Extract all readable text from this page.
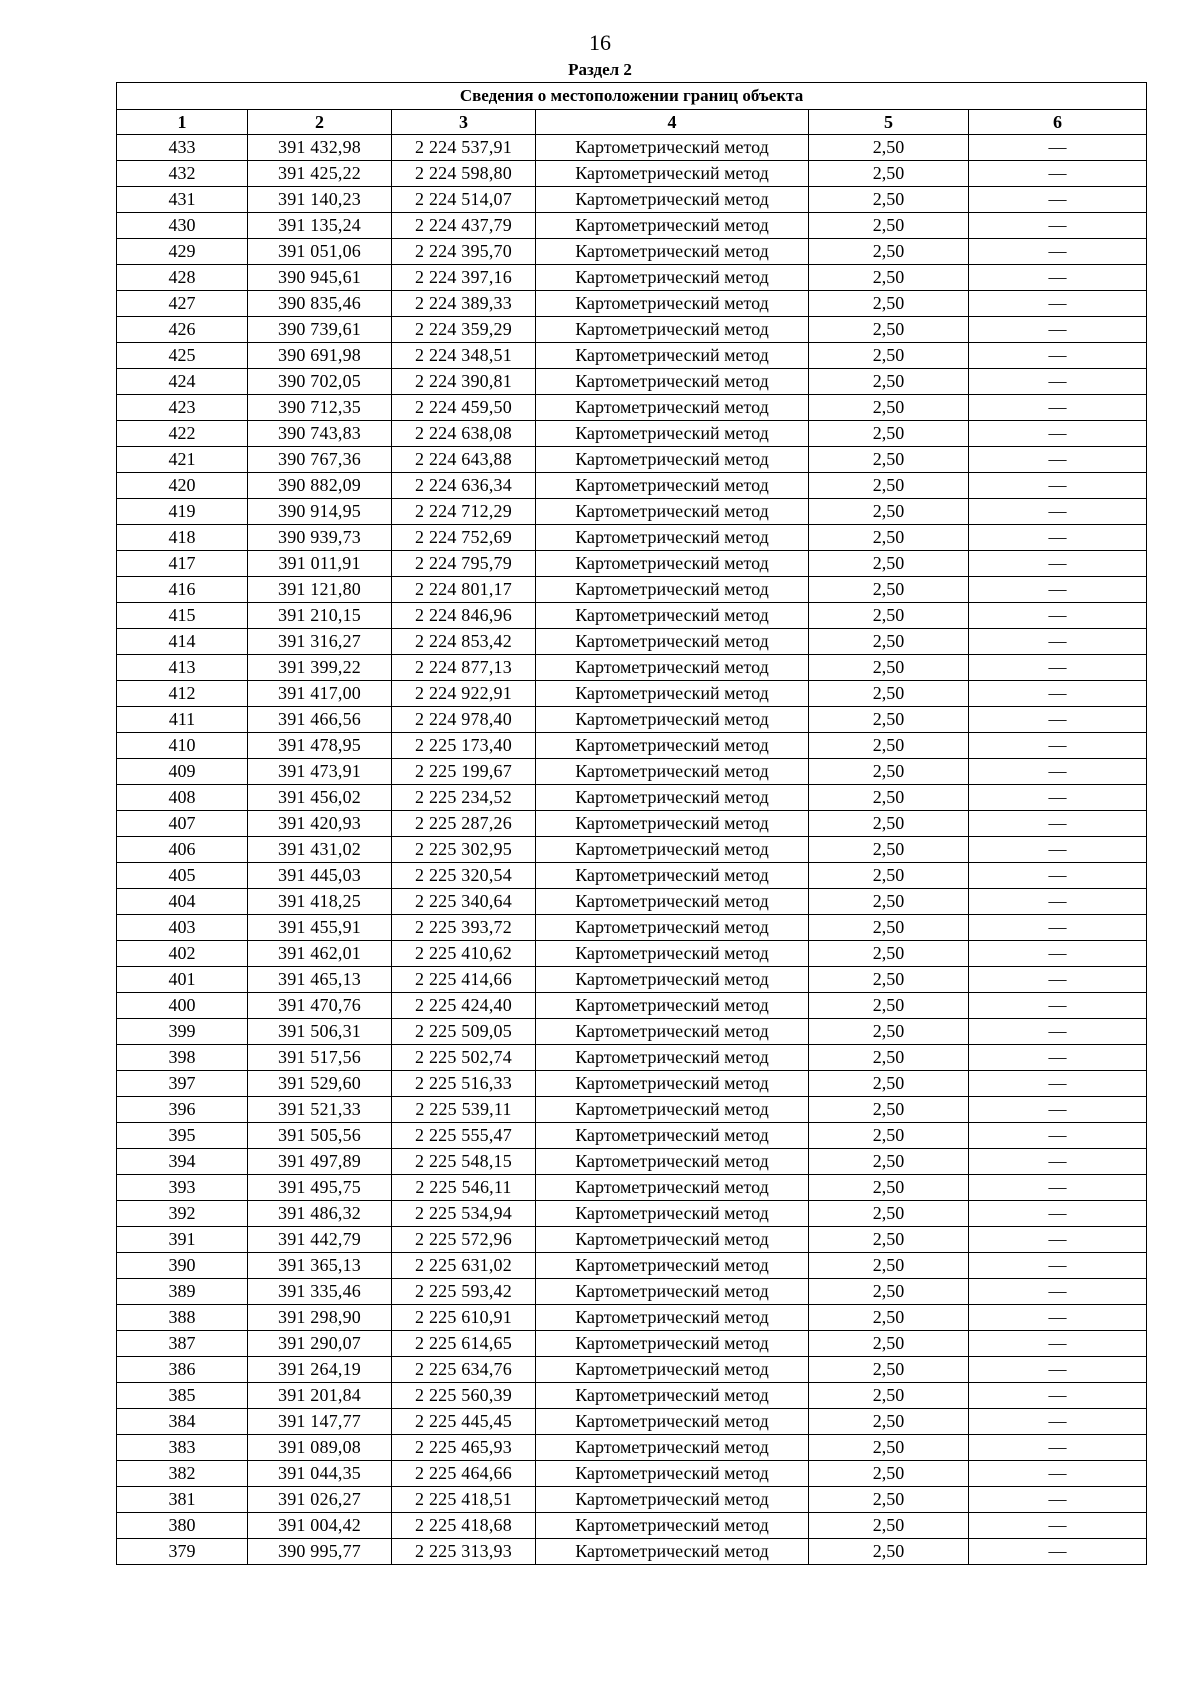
16
Раздел 2
Сведения о местоположении границ объекта					
1	2	3	4	5	6
433	391 432,98	2 224 537,91	Картометрический метод	2,50	—
432	391 425,22	2 224 598,80	Картометрический метод	2,50	—
431	391 140,23	2 224 514,07	Картометрический метод	2,50	—
430	391 135,24	2 224 437,79	Картометрический метод	2,50	—
429	391 051,06	2 224 395,70	Картометрический метод	2,50	—
428	390 945,61	2 224 397,16	Картометрический метод	2,50	—
427	390 835,46	2 224 389,33	Картометрический метод	2,50	—
426	390 739,61	2 224 359,29	Картометрический метод	2,50	—
425	390 691,98	2 224 348,51	Картометрический метод	2,50	—
424	390 702,05	2 224 390,81	Картометрический метод	2,50	—
423	390 712,35	2 224 459,50	Картометрический метод	2,50	—
422	390 743,83	2 224 638,08	Картометрический метод	2,50	—
421	390 767,36	2 224 643,88	Картометрический метод	2,50	—
420	390 882,09	2 224 636,34	Картометрический метод	2,50	—
419	390 914,95	2 224 712,29	Картометрический метод	2,50	—
418	390 939,73	2 224 752,69	Картометрический метод	2,50	—
417	391 011,91	2 224 795,79	Картометрический метод	2,50	—
416	391 121,80	2 224 801,17	Картометрический метод	2,50	—
415	391 210,15	2 224 846,96	Картометрический метод	2,50	—
414	391 316,27	2 224 853,42	Картометрический метод	2,50	—
413	391 399,22	2 224 877,13	Картометрический метод	2,50	—
412	391 417,00	2 224 922,91	Картометрический метод	2,50	—
411	391 466,56	2 224 978,40	Картометрический метод	2,50	—
410	391 478,95	2 225 173,40	Картометрический метод	2,50	—
409	391 473,91	2 225 199,67	Картометрический метод	2,50	—
408	391 456,02	2 225 234,52	Картометрический метод	2,50	—
407	391 420,93	2 225 287,26	Картометрический метод	2,50	—
406	391 431,02	2 225 302,95	Картометрический метод	2,50	—
405	391 445,03	2 225 320,54	Картометрический метод	2,50	—
404	391 418,25	2 225 340,64	Картометрический метод	2,50	—
403	391 455,91	2 225 393,72	Картометрический метод	2,50	—
402	391 462,01	2 225 410,62	Картометрический метод	2,50	—
401	391 465,13	2 225 414,66	Картометрический метод	2,50	—
400	391 470,76	2 225 424,40	Картометрический метод	2,50	—
399	391 506,31	2 225 509,05	Картометрический метод	2,50	—
398	391 517,56	2 225 502,74	Картометрический метод	2,50	—
397	391 529,60	2 225 516,33	Картометрический метод	2,50	—
396	391 521,33	2 225 539,11	Картометрический метод	2,50	—
395	391 505,56	2 225 555,47	Картометрический метод	2,50	—
394	391 497,89	2 225 548,15	Картометрический метод	2,50	—
393	391 495,75	2 225 546,11	Картометрический метод	2,50	—
392	391 486,32	2 225 534,94	Картометрический метод	2,50	—
391	391 442,79	2 225 572,96	Картометрический метод	2,50	—
390	391 365,13	2 225 631,02	Картометрический метод	2,50	—
389	391 335,46	2 225 593,42	Картометрический метод	2,50	—
388	391 298,90	2 225 610,91	Картометрический метод	2,50	—
387	391 290,07	2 225 614,65	Картометрический метод	2,50	—
386	391 264,19	2 225 634,76	Картометрический метод	2,50	—
385	391 201,84	2 225 560,39	Картометрический метод	2,50	—
384	391 147,77	2 225 445,45	Картометрический метод	2,50	—
383	391 089,08	2 225 465,93	Картометрический метод	2,50	—
382	391 044,35	2 225 464,66	Картометрический метод	2,50	—
381	391 026,27	2 225 418,51	Картометрический метод	2,50	—
380	391 004,42	2 225 418,68	Картометрический метод	2,50	—
379	390 995,77	2 225 313,93	Картометрический метод	2,50	—
